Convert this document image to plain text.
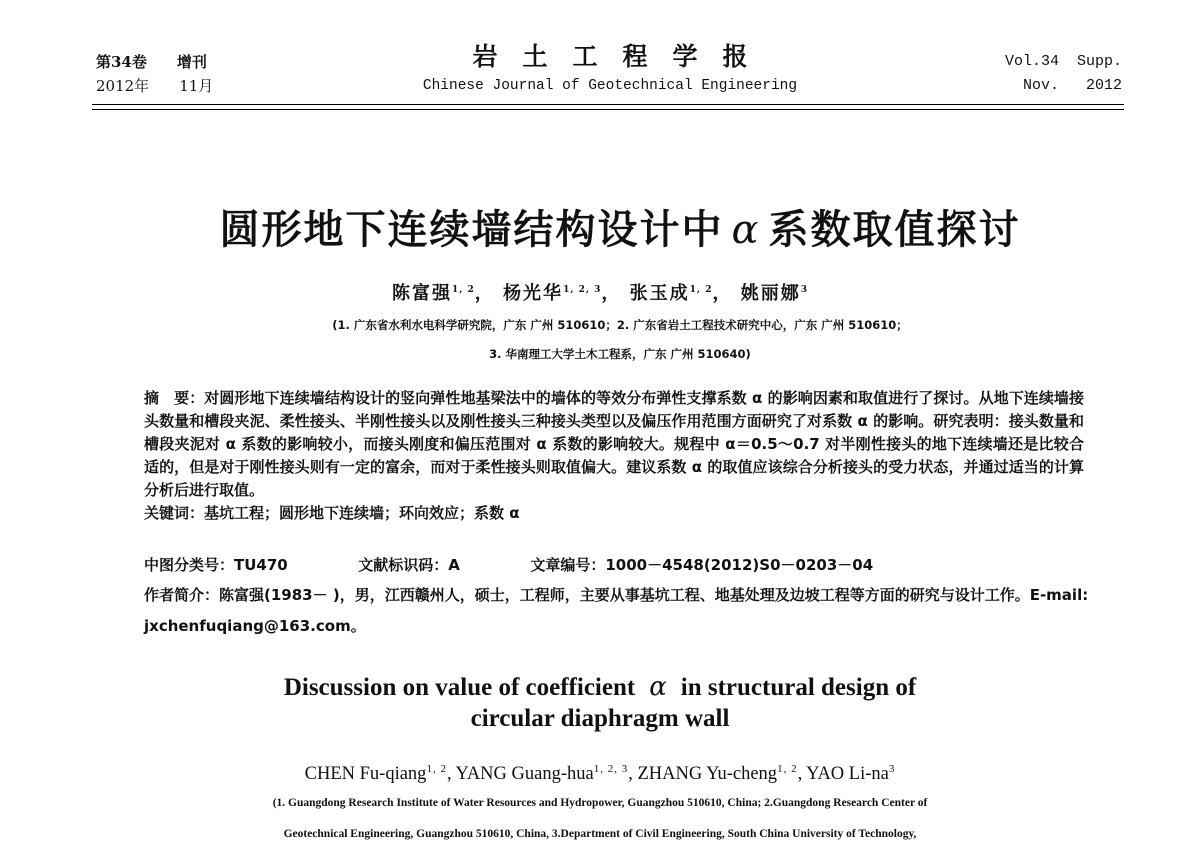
第34卷 增刊
2012年 11月
岩　土　工　程　学　报
Chinese Journal of Geotechnical Engineering
Vol.34 Supp.
Nov. 2012
圆形地下连续墙结构设计中 α 系数取值探讨
陈富强$^{1, 2}$， 杨光华$^{1, 2, 3}$， 张玉成$^{1, 2}$， 姚丽娜$^3$
(1. 广东省水利水电科学研究院，广东 广州 510610；2. 广东省岩土工程技术研究中心，广东 广州 510610；
3. 华南理工大学土木工程系，广东 广州 510640)

摘　要：对圆形地下连续墙结构设计的竖向弹性地基梁法中的墙体的等效分布弹性支撑系数 α 的影响因素和取值进行了探讨。从地下连续墙接头数量和槽段夹泥、柔性接头、半刚性接头以及刚性接头三种接头类型以及偏压作用范围方面研究了对系数 α 的影响。研究表明：接头数量和槽段夹泥对 α 系数的影响较小，而接头刚度和偏压范围对 α 系数的影响较大。规程中 α＝0.5～0.7 对半刚性接头的地下连续墙还是比较合适的，但是对于刚性接头则有一定的富余，而对于柔性接头则取值偏大。建议系数 α 的取值应该综合分析接头的受力状态，并通过适当的计算分析后进行取值。

关键词：基坑工程；圆形地下连续墙；环向效应；系数 α

中图分类号：TU470	文献标识码：A	文章编号：1000－4548(2012)S0－0203－04
作者简介：陈富强(1983－ )，男，江西赣州人，硕士，工程师，主要从事基坑工程、地基处理及边坡工程等方面的研究与设计工作。E-mail: jxchenfuqiang@163.com。
Discussion on value of coefficient α in structural design of
circular diaphragm wall
CHEN Fu-qiang$^{1, 2}$, YANG Guang-hua$^{1, 2, 3}$, ZHANG Yu-cheng$^{1, 2}$, YAO $Li-na^3$
(1. Guangdong Research Institute of Water Resources and Hydropower, Guangzhou 510610, China; 2.Guangdong Research Center of
Geotechnical Engineering, Guangzhou 510610, China, 3.Department of Civil Engineering, South China University of Technology,
